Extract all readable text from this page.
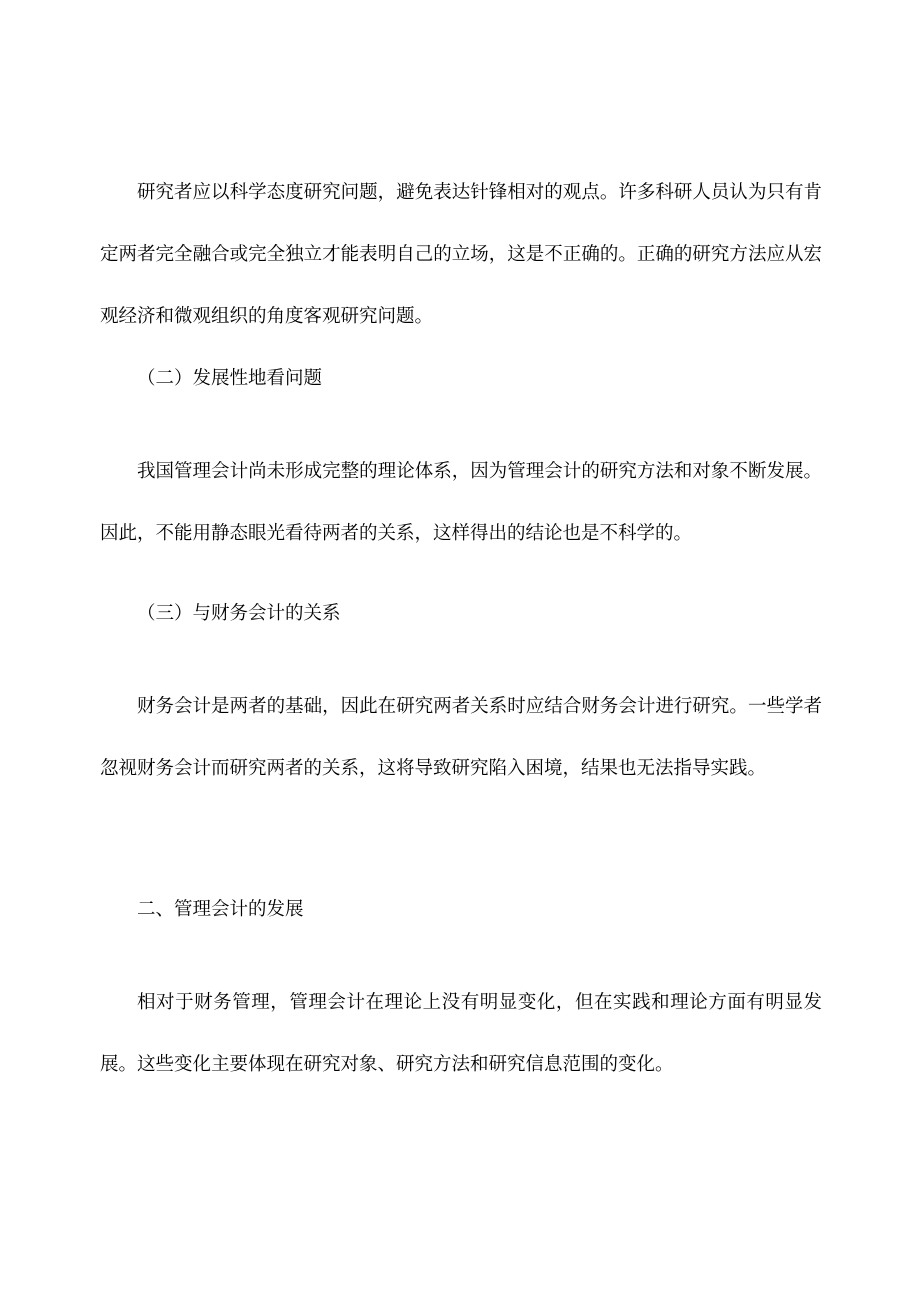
研究者应以科学态度研究问题，避免表达针锋相对的观点。许多科研人员认为只有肯定两者完全融合或完全独立才能表明自己的立场，这是不正确的。正确的研究方法应从宏观经济和微观组织的角度客观研究问题。

（二）发展性地看问题

我国管理会计尚未形成完整的理论体系，因为管理会计的研究方法和对象不断发展。因此，不能用静态眼光看待两者的关系，这样得出的结论也是不科学的。

（三）与财务会计的关系

财务会计是两者的基础，因此在研究两者关系时应结合财务会计进行研究。一些学者忽视财务会计而研究两者的关系，这将导致研究陷入困境，结果也无法指导实践。

二、管理会计的发展

相对于财务管理，管理会计在理论上没有明显变化，但在实践和理论方面有明显发展。这些变化主要体现在研究对象、研究方法和研究信息范围的变化。
